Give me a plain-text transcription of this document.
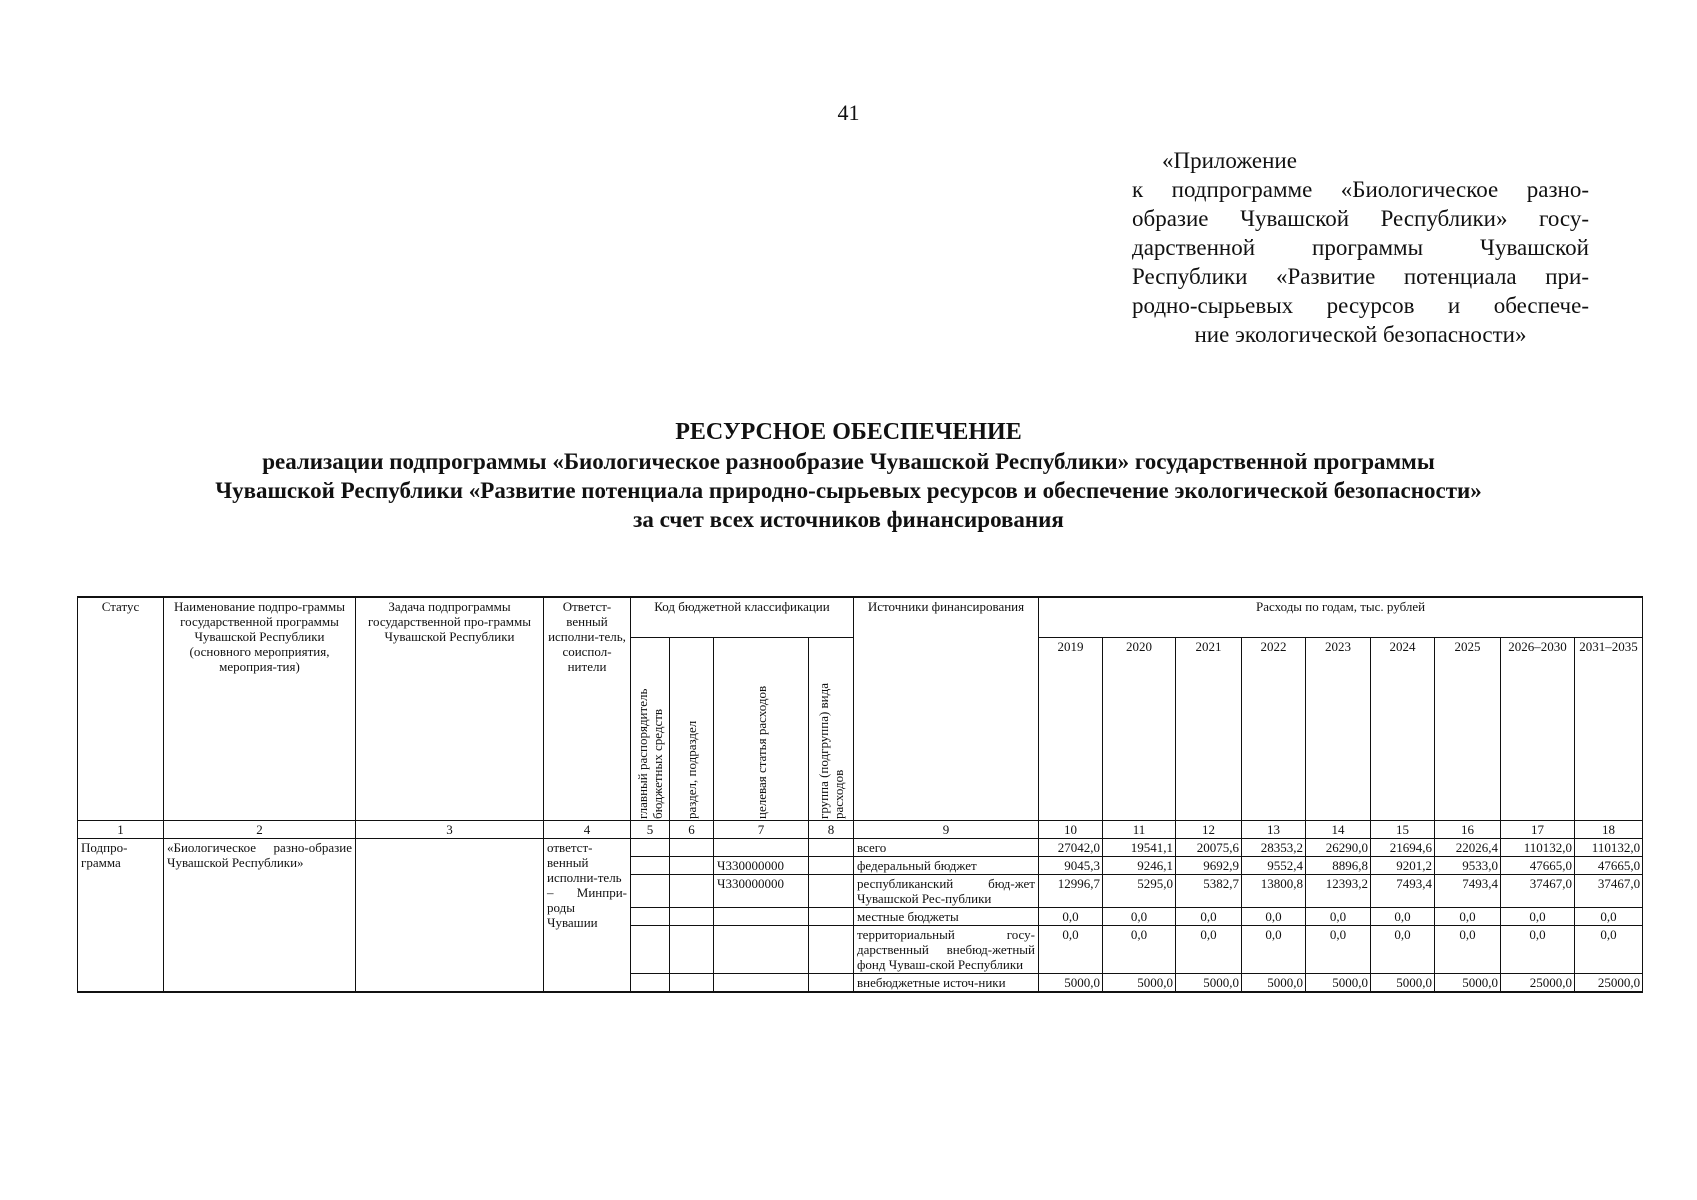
41
«Приложение
к подпрограмме «Биологическое разно-
образие Чувашской Республики» госу-
дарственной программы Чувашской
Республики «Развитие потенциала при-
родно-сырьевых ресурсов и обеспече-
ние экологической безопасности»
РЕСУРСНОЕ ОБЕСПЕЧЕНИЕ
реализации подпрограммы «Биологическое разнообразие Чувашской Республики» государственной программы
Чувашской Республики «Развитие потенциала природно-сырьевых ресурсов и обеспечение экологической безопасности»
за счет всех источников финансирования
Статус	Наименование подпро-граммы государственной программы Чувашской Республики (основного мероприятия, мероприя-тия)	Задача подпрограммы государственной про-граммы Чувашской Республики	Ответст-венный исполни-тель, соиспол-нители	Код бюджетной классификации				Источники финансирования	Расходы по годам, тыс. рублей								

				главный распорядитель бюджетных средств	раздел, подраздел	целевая статья расходов	группа (подгруппа) вида расходов		2019	2020	2021	2022	2023	2024	2025	2026–2030	2031–2035

1	2	3	4	5	6	7	8	9	10	11	12	13	14	15	16	17	18
Подпро-грамма	«Биологическое разно-образие Чувашской Республики»		ответст-венный исполни-тель – Минпри-роды Чувашии					всего	27042,0	19541,1	20075,6	28353,2	26290,0	21694,6	22026,4	110132,0	110132,0
						Ч330000000		федеральный бюджет	9045,3	9246,1	9692,9	9552,4	8896,8	9201,2	9533,0	47665,0	47665,0
						Ч330000000		республиканский бюд-жет Чувашской Рес-публики	12996,7	5295,0	5382,7	13800,8	12393,2	7493,4	7493,4	37467,0	37467,0
								местные бюджеты	0,0	0,0	0,0	0,0	0,0	0,0	0,0	0,0	0,0
								территориальный госу-дарственный внебюд-жетный фонд Чуваш-ской Республики	0,0	0,0	0,0	0,0	0,0	0,0	0,0	0,0	0,0
								внебюджетные источ-ники	5000,0	5000,0	5000,0	5000,0	5000,0	5000,0	5000,0	25000,0	25000,0
